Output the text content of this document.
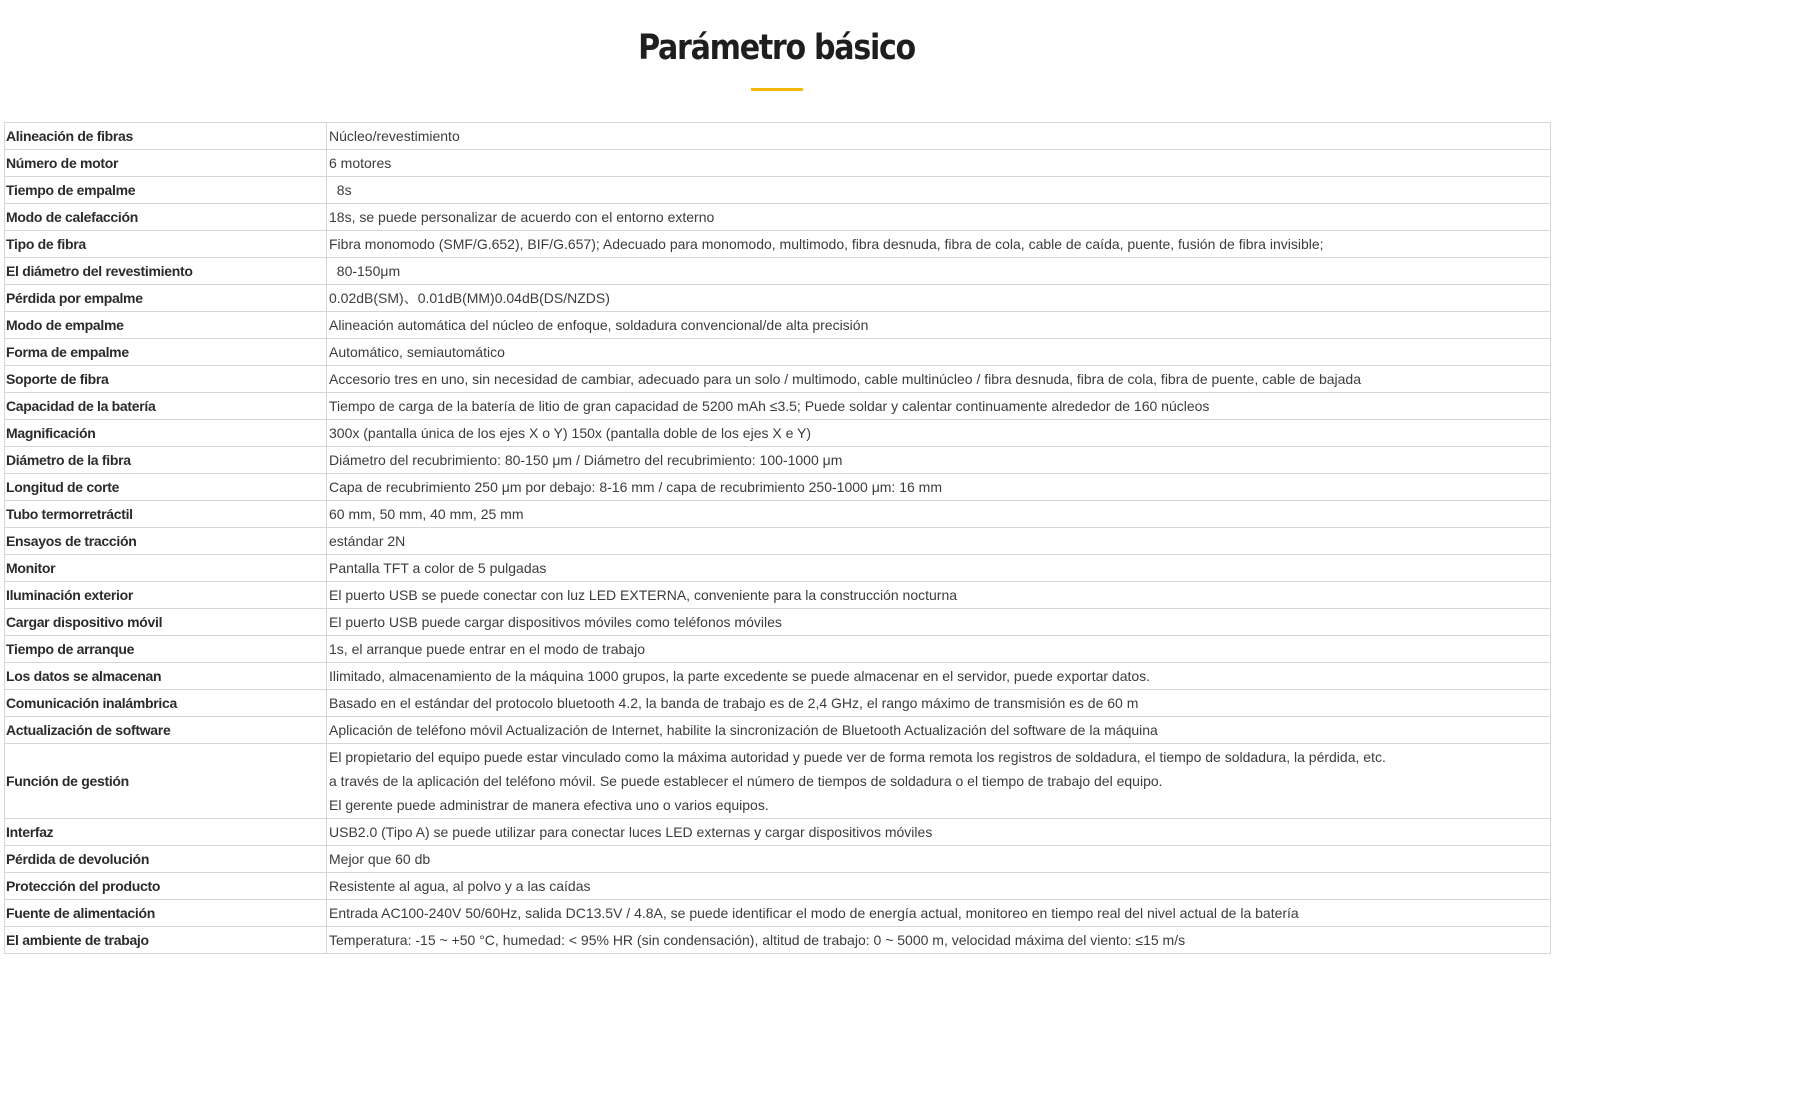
Parámetro básico
Alineación de fibras	Núcleo/revestimiento
Número de motor	6 motores
Tiempo de empalme	8s
Modo de calefacción	18s, se puede personalizar de acuerdo con el entorno externo
Tipo de fibra	Fibra monomodo (SMF/G.652), BIF/G.657); Adecuado para monomodo, multimodo, fibra desnuda, fibra de cola, cable de caída, puente, fusión de fibra invisible;
El diámetro del revestimiento	80-150μm
Pérdida por empalme	0.02dB(SM)、0.01dB(MM)0.04dB(DS/NZDS)
Modo de empalme	Alineación automática del núcleo de enfoque, soldadura convencional/de alta precisión
Forma de empalme	Automático, semiautomático
Soporte de fibra	Accesorio tres en uno, sin necesidad de cambiar, adecuado para un solo / multimodo, cable multinúcleo / fibra desnuda, fibra de cola, fibra de puente, cable de bajada
Capacidad de la batería	Tiempo de carga de la batería de litio de gran capacidad de 5200 mAh ≤3.5; Puede soldar y calentar continuamente alrededor de 160 núcleos
Magnificación	300x (pantalla única de los ejes X o Y) 150x (pantalla doble de los ejes X e Y)
Diámetro de la fibra	Diámetro del recubrimiento: 80-150 μm / Diámetro del recubrimiento: 100-1000 μm
Longitud de corte	Capa de recubrimiento 250 μm por debajo: 8-16 mm / capa de recubrimiento 250-1000 μm: 16 mm
Tubo termorretráctil	60 mm, 50 mm, 40 mm, 25 mm
Ensayos de tracción	estándar 2N
Monitor	Pantalla TFT a color de 5 pulgadas
Iluminación exterior	El puerto USB se puede conectar con luz LED EXTERNA, conveniente para la construcción nocturna
Cargar dispositivo móvil	El puerto USB puede cargar dispositivos móviles como teléfonos móviles
Tiempo de arranque	1s, el arranque puede entrar en el modo de trabajo
Los datos se almacenan	Ilimitado, almacenamiento de la máquina 1000 grupos, la parte excedente se puede almacenar en el servidor, puede exportar datos.
Comunicación inalámbrica	Basado en el estándar del protocolo bluetooth 4.2, la banda de trabajo es de 2,4 GHz, el rango máximo de transmisión es de 60 m
Actualización de software	Aplicación de teléfono móvil Actualización de Internet, habilite la sincronización de Bluetooth Actualización del software de la máquina
Función de gestión	El propietario del equipo puede estar vinculado como la máxima autoridad y puede ver de forma remota los registros de soldadura, el tiempo de soldadura, la pérdida, etc.
a través de la aplicación del teléfono móvil. Se puede establecer el número de tiempos de soldadura o el tiempo de trabajo del equipo.
El gerente puede administrar de manera efectiva uno o varios equipos.

Interfaz	USB2.0 (Tipo A) se puede utilizar para conectar luces LED externas y cargar dispositivos móviles
Pérdida de devolución	Mejor que 60 db
Protección del producto	Resistente al agua, al polvo y a las caídas
Fuente de alimentación	Entrada AC100-240V 50/60Hz, salida DC13.5V / 4.8A, se puede identificar el modo de energía actual, monitoreo en tiempo real del nivel actual de la batería
El ambiente de trabajo	Temperatura: -15 ~ +50 °C, humedad: < 95% HR (sin condensación), altitud de trabajo: 0 ~ 5000 m, velocidad máxima del viento: ≤15 m/s
